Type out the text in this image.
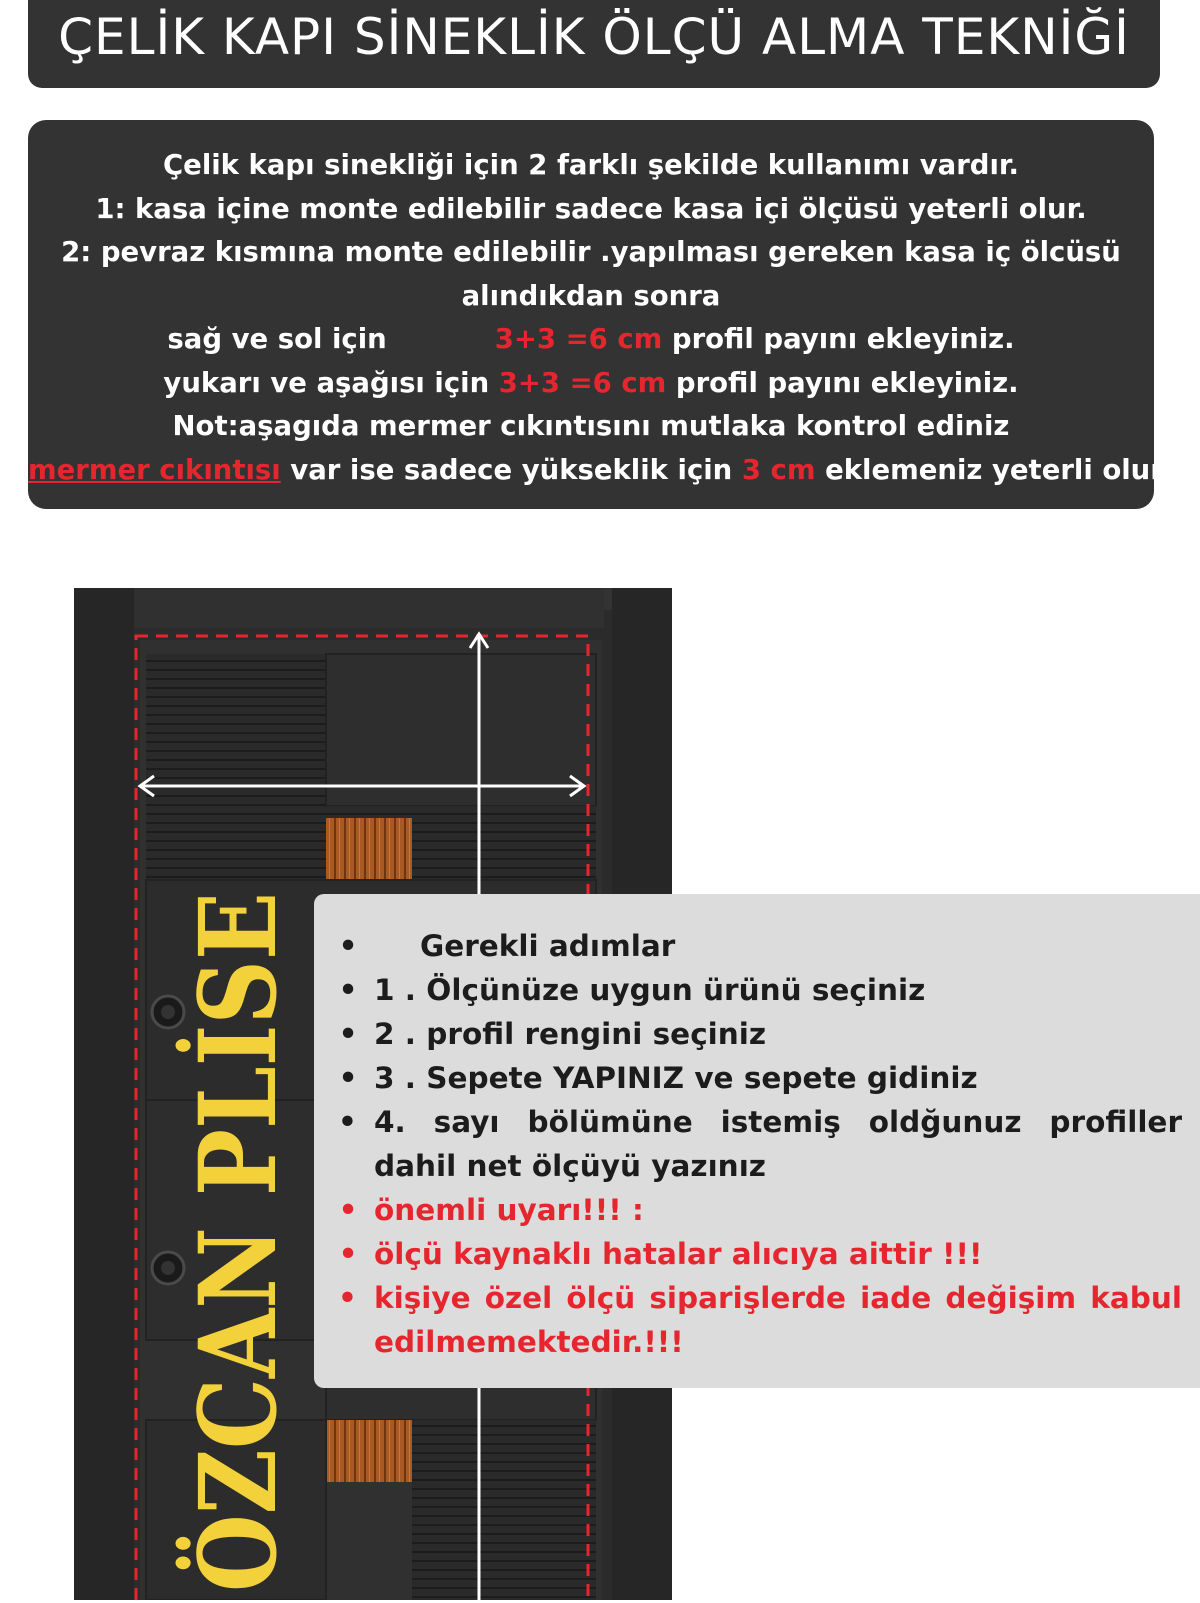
ÇELİK KAPI SİNEKLİK ÖLÇÜ ALMA TEKNİĞİ
Çelik kapı sinekliği için 2 farklı şekilde kullanımı vardır.
1: kasa içine monte edilebilir sadece kasa içi ölçüsü yeterli olur.
2: pevraz kısmına monte edilebilir .yapılması gereken kasa iç ölcüsü
alındıkdan sonra
sağ ve sol için	3+3 =6 cm profil payını ekleyiniz.
yukarı ve aşağısı için 3+3 =6 cm profil payını ekleyiniz.
Not:aşagıda mermer cıkıntısını mutlaka kontrol ediniz
mermer cıkıntısı var ise sadece yükseklik için 3 cm eklemeniz yeterli olur .
ÖZCAN PLİSE • Gerekli adımlar
• 1 . Ölçünüze uygun ürünü seçiniz
• 2 . profil rengini seçiniz
• 3 . Sepete YAPINIZ ve sepete gidiniz
• 4. sayı bölümüne istemiş oldğunuz profiller dahil net ölçüyü yazınız
• önemli uyarı!!! :
• ölçü kaynaklı hatalar alıcıya aittir !!!
• kişiye özel ölçü siparişlerde iade değişim kabul edilmemektedir.!!!
